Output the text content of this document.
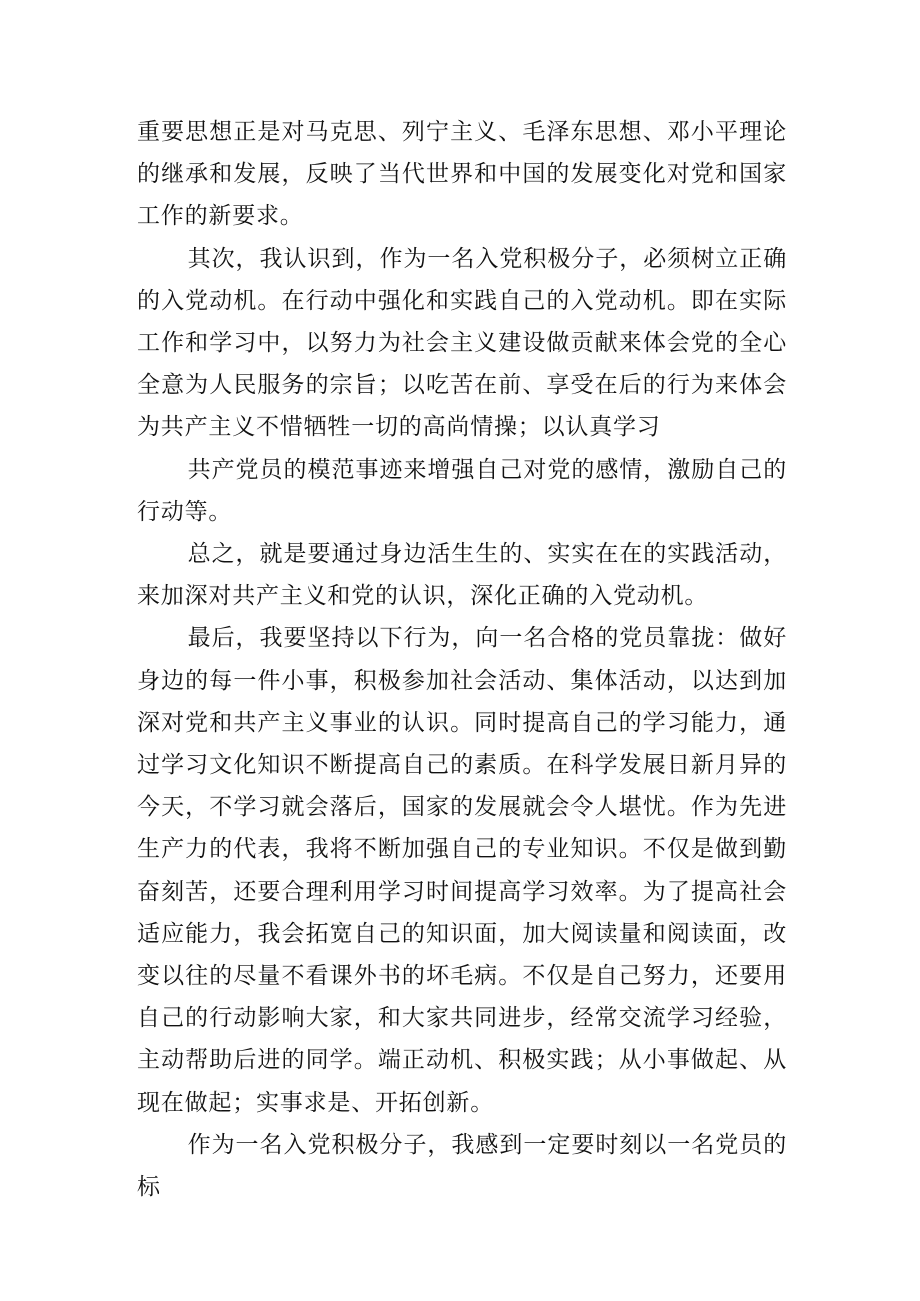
重要思想正是对马克思、列宁主义、毛泽东思想、邓小平理论的继承和发展，反映了当代世界和中国的发展变化对党和国家工作的新要求。

其次，我认识到，作为一名入党积极分子，必须树立正确的入党动机。在行动中强化和实践自己的入党动机。即在实际工作和学习中，以努力为社会主义建设做贡献来体会党的全心全意为人民服务的宗旨；以吃苦在前、享受在后的行为来体会为共产主义不惜牺牲一切的高尚情操；以认真学习

共产党员的模范事迹来增强自己对党的感情，激励自己的行动等。

总之，就是要通过身边活生生的、实实在在的实践活动，来加深对共产主义和党的认识，深化正确的入党动机。

最后，我要坚持以下行为，向一名合格的党员靠拢：做好身边的每一件小事，积极参加社会活动、集体活动，以达到加深对党和共产主义事业的认识。同时提高自己的学习能力，通过学习文化知识不断提高自己的素质。在科学发展日新月异的今天，不学习就会落后，国家的发展就会令人堪忧。作为先进生产力的代表，我将不断加强自己的专业知识。不仅是做到勤奋刻苦，还要合理利用学习时间提高学习效率。为了提高社会适应能力，我会拓宽自己的知识面，加大阅读量和阅读面，改变以往的尽量不看课外书的坏毛病。不仅是自己努力，还要用自己的行动影响大家，和大家共同进步，经常交流学习经验，主动帮助后进的同学。端正动机、积极实践；从小事做起、从现在做起；实事求是、开拓创新。

作为一名入党积极分子，我感到一定要时刻以一名党员的标
